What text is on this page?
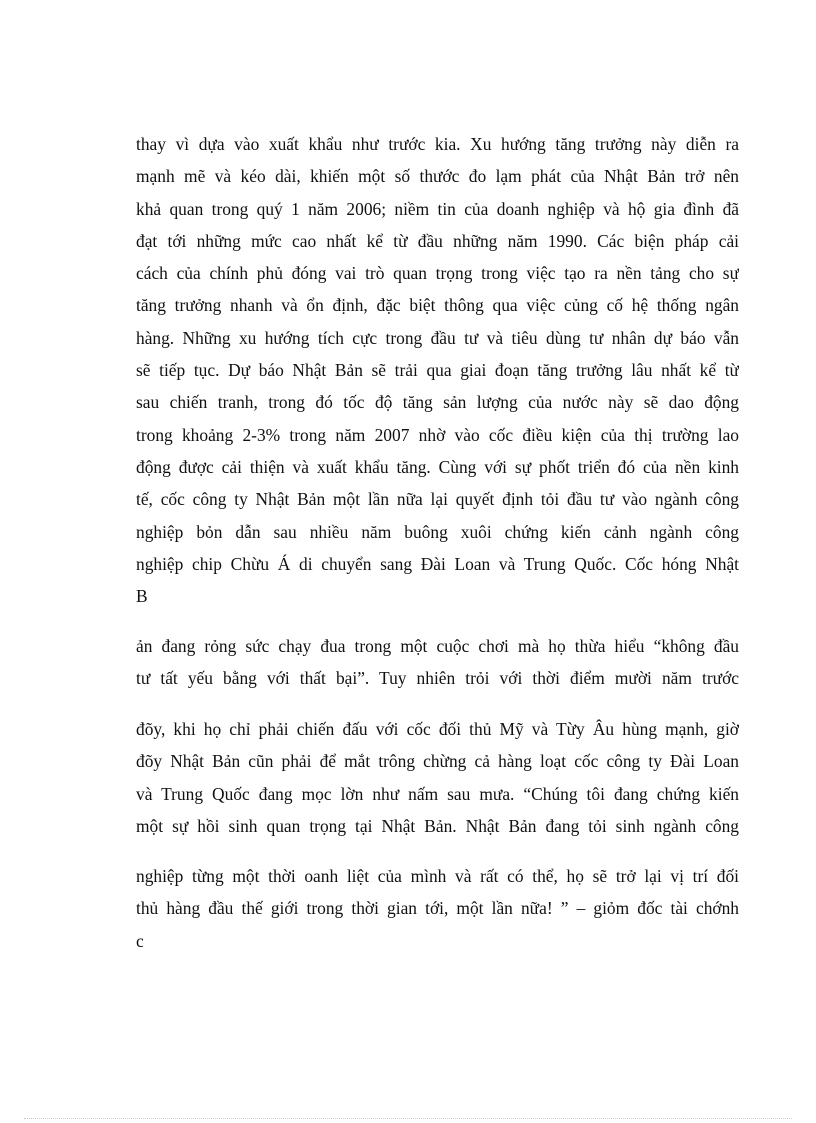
thay vì dựa vào xuất khẩu như trước kia. Xu hướng tăng trưởng này diễn ra
mạnh mẽ và kéo dài, khiến một số thước đo lạm phát của Nhật Bản trở nên
khả quan trong quý 1 năm 2006; niềm tin của doanh nghiệp và hộ gia đình đã
đạt tới những mức cao nhất kể từ đầu những năm 1990. Các biện pháp cải
cách của chính phủ đóng vai trò quan trọng trong việc tạo ra nền tảng cho sự
tăng trưởng nhanh và ổn định, đặc biệt thông qua việc củng cố hệ thống ngân
hàng. Những xu hướng tích cực trong đầu tư và tiêu dùng tư nhân dự báo vẫn
sẽ tiếp tục. Dự báo Nhật Bản sẽ trải qua giai đoạn tăng trưởng lâu nhất kể từ
sau chiến tranh, trong đó tốc độ tăng sản lượng của nước này sẽ dao động
trong khoảng 2-3% trong năm 2007 nhờ vào cốc điều kiện của thị trường lao
động được cải thiện và xuất khẩu tăng. Cùng với sự phốt triển đó của nền kinh
tế, cốc công ty Nhật Bản một lần nữa lại quyết định tỏi đầu tư vào ngành công
nghiệp bỏn dẫn sau nhiều năm buông xuôi chứng kiến cảnh ngành công
nghiệp chip Chừu Á di chuyển sang Đài Loan và Trung Quốc. Cốc hóng Nhật
B
ản đang rỏng sức chạy đua trong một cuộc chơi mà họ thừa hiểu “không đầu
tư tất yếu bằng với thất bại”. Tuy nhiên trỏi với thời điểm mười năm trước
đõy, khi họ chỉ phải chiến đấu với cốc đối thủ Mỹ và Từy Âu hùng mạnh, giờ
đõy Nhật Bản cũn phải để mắt trông chừng cả hàng loạt cốc công ty Đài Loan
và Trung Quốc đang mọc lờn như nấm sau mưa. “Chúng tôi đang chứng kiến
một sự hồi sinh quan trọng tại Nhật Bản. Nhật Bản đang tỏi sinh ngành công
nghiệp từng một thời oanh liệt của mình và rất có thể, họ sẽ trở lại vị trí đối
thủ hàng đầu thế giới trong thời gian tới, một lần nữa! ” – giỏm đốc tài chớnh
c
